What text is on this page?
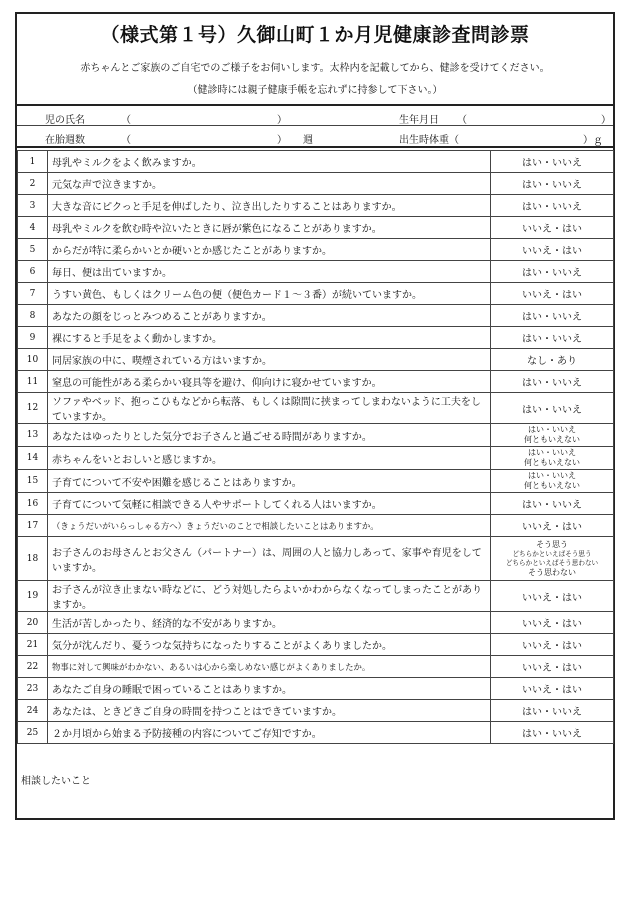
（様式第１号）久御山町１か月児健康診査問診票
赤ちゃんとご家族のご自宅でのご様子をお伺いします。太枠内を記載してから、健診を受けてください。
（健診時には親子健康手帳を忘れずに持参して下さい。）
児の氏名	（	）	生年月日 （	）
在胎週数	（	） 週	出生時体重（	）ｇ
1	母乳やミルクをよく飲みますか。	はい・いいえ

2	元気な声で泣きますか。	はい・いいえ

3	大きな音にピクっと手足を伸ばしたり、泣き出したりすることはありますか。	はい・いいえ

4	母乳やミルクを飲む時や泣いたときに唇が紫色になることがありますか。	いいえ・はい

5	からだが特に柔らかいとか硬いとか感じたことがありますか。	いいえ・はい

6	毎日、便は出ていますか。	はい・いいえ

7	うすい黄色、もしくはクリーム色の便（便色カード１～３番）が続いていますか。	いいえ・はい

8	あなたの顔をじっとみつめることがありますか。	はい・いいえ

9	裸にすると手足をよく動かしますか。	はい・いいえ

10	同居家族の中に、喫煙されている方はいますか。	なし・あり

11	窒息の可能性がある柔らかい寝具等を避け、仰向けに寝かせていますか。	はい・いいえ

12	ソファやベッド、抱っこひもなどから転落、もしくは隙間に挟まってしまわないように工夫をしていますか。	はい・いいえ

13	あなたはゆったりとした気分でお子さんと過ごせる時間がありますか。	はい・いいえ
何ともいえない

14	赤ちゃんをいとおしいと感じますか。	はい・いいえ
何ともいえない

15	子育てについて不安や困難を感じることはありますか。	はい・いいえ
何ともいえない

16	子育てについて気軽に相談できる人やサポートしてくれる人はいますか。	はい・いいえ

17	（きょうだいがいらっしゃる方へ）きょうだいのことで相談したいことはありますか。	いいえ・はい

18	お子さんのお母さんとお父さん（パートナー）は、周囲の人と協力しあって、家事や育児をしていますか。	そう思う
どちらかといえばそう思う
どちらかといえばそう思わない
そう思わない

19	お子さんが泣き止まない時などに、どう対処したらよいかわからなくなってしまったことがありますか。	いいえ・はい

20	生活が苦しかったり、経済的な不安がありますか。	いいえ・はい

21	気分が沈んだり、憂うつな気持ちになったりすることがよくありましたか。	いいえ・はい

22	物事に対して興味がわかない、あるいは心から楽しめない感じがよくありましたか。	いいえ・はい

23	あなたご自身の睡眠で困っていることはありますか。	いいえ・はい

24	あなたは、ときどきご自身の時間を持つことはできていますか。	はい・いいえ

25	２か月頃から始まる予防接種の内容についてご存知ですか。	はい・いいえ
相談したいこと
